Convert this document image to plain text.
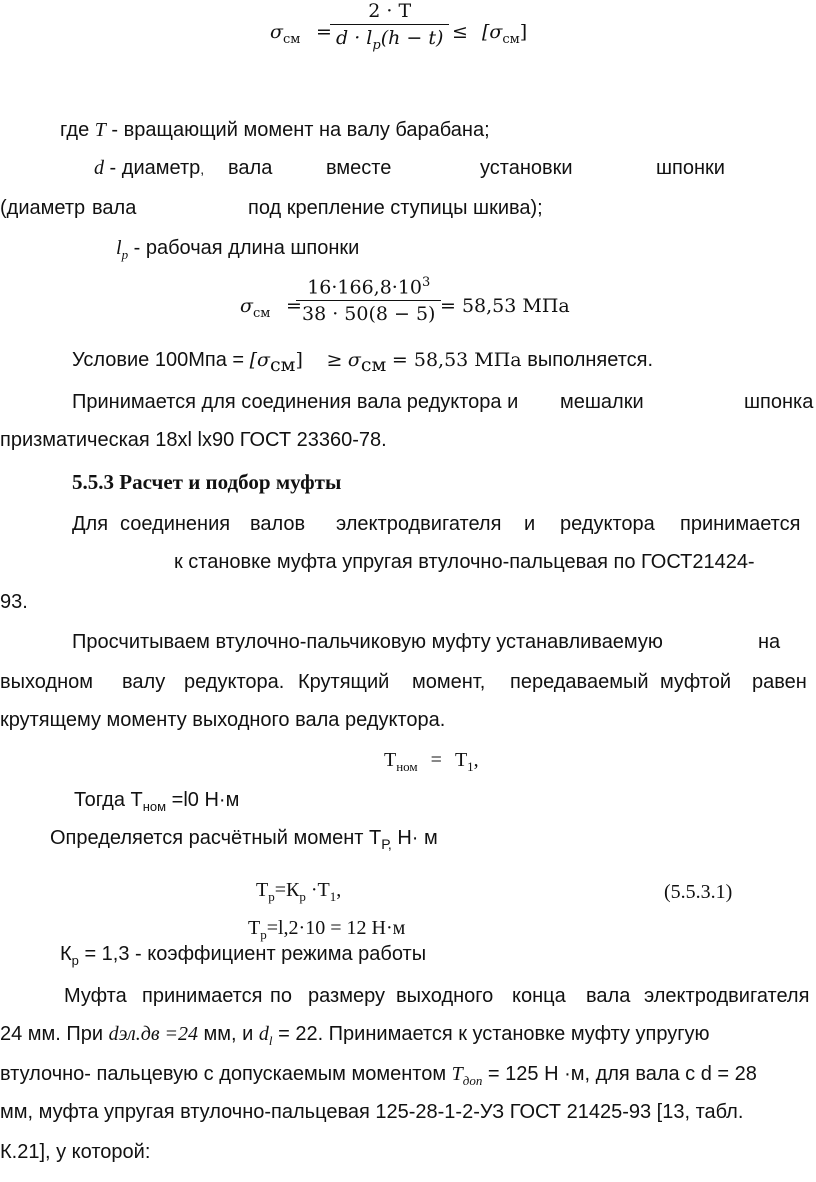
$\sigma_{см}$ =
2 · T
$d \cdot l_p(h - t) \le [\sigma_{см}]$
где T - вращающий момент на валу барабана;
d - диаметр, вала	вместе	установки	шпонки
(диаметр вала	под крепление ступицы шкива);
$l_p$ - рабочая длина шпонки
$\sigma_{см}$ =
$16\cdot 166,8\cdot 10^3$
38 · 50(8 − 5) = 58,53 МПа
Условие $100Мпа = [\sigma_{см}] \ge \sigma_{см} = 58,53$ МПа выполняется.
Принимается для соединения вала редуктора и мешалки	шпонка
призматическая 18xl lx90 ГОСТ 23360-78.
5.5.3 Расчет и подбор муфты
Для соединения валов электродвигателя и редуктора принимается
к становке муфта упругая втулочно-пальцевая по ГОСТ21424-
93.
Просчитываем втулочно-пальчиковую муфту устанавливаемую	на
выходном валу редуктора. Крутящий момент, передаваемый муфтой равен
крутящему моменту выходного вала редуктора.
$Т_{ном} = Т_1$,
Тогда $Т_{ном} =l0$ Н·м
Определяется расчётный момент $Т_{Р,}$ Н· м
$Т_р=К_р \cdot Т_1$,	(5.5.3.1)
$Т_р=l,2\cdot 10 = 12$ Н·м
$К_р = 1,3$ - коэффициент режима работы
Муфта принимается по размеру выходного конца вала электродвигателя
24 мм. При dэл.дв =24 мм, и $d_l = 22$. Принимается к установке муфту упругую
втулочно- пальцевую с допускаемым моментом $T_{доп} = 125$ Н ·м, для вала с d = 28
мм, муфта упругая втулочно-пальцевая 125-28-1-2-УЗ ГОСТ 21425-93 [13, табл.
К.21], у которой:
